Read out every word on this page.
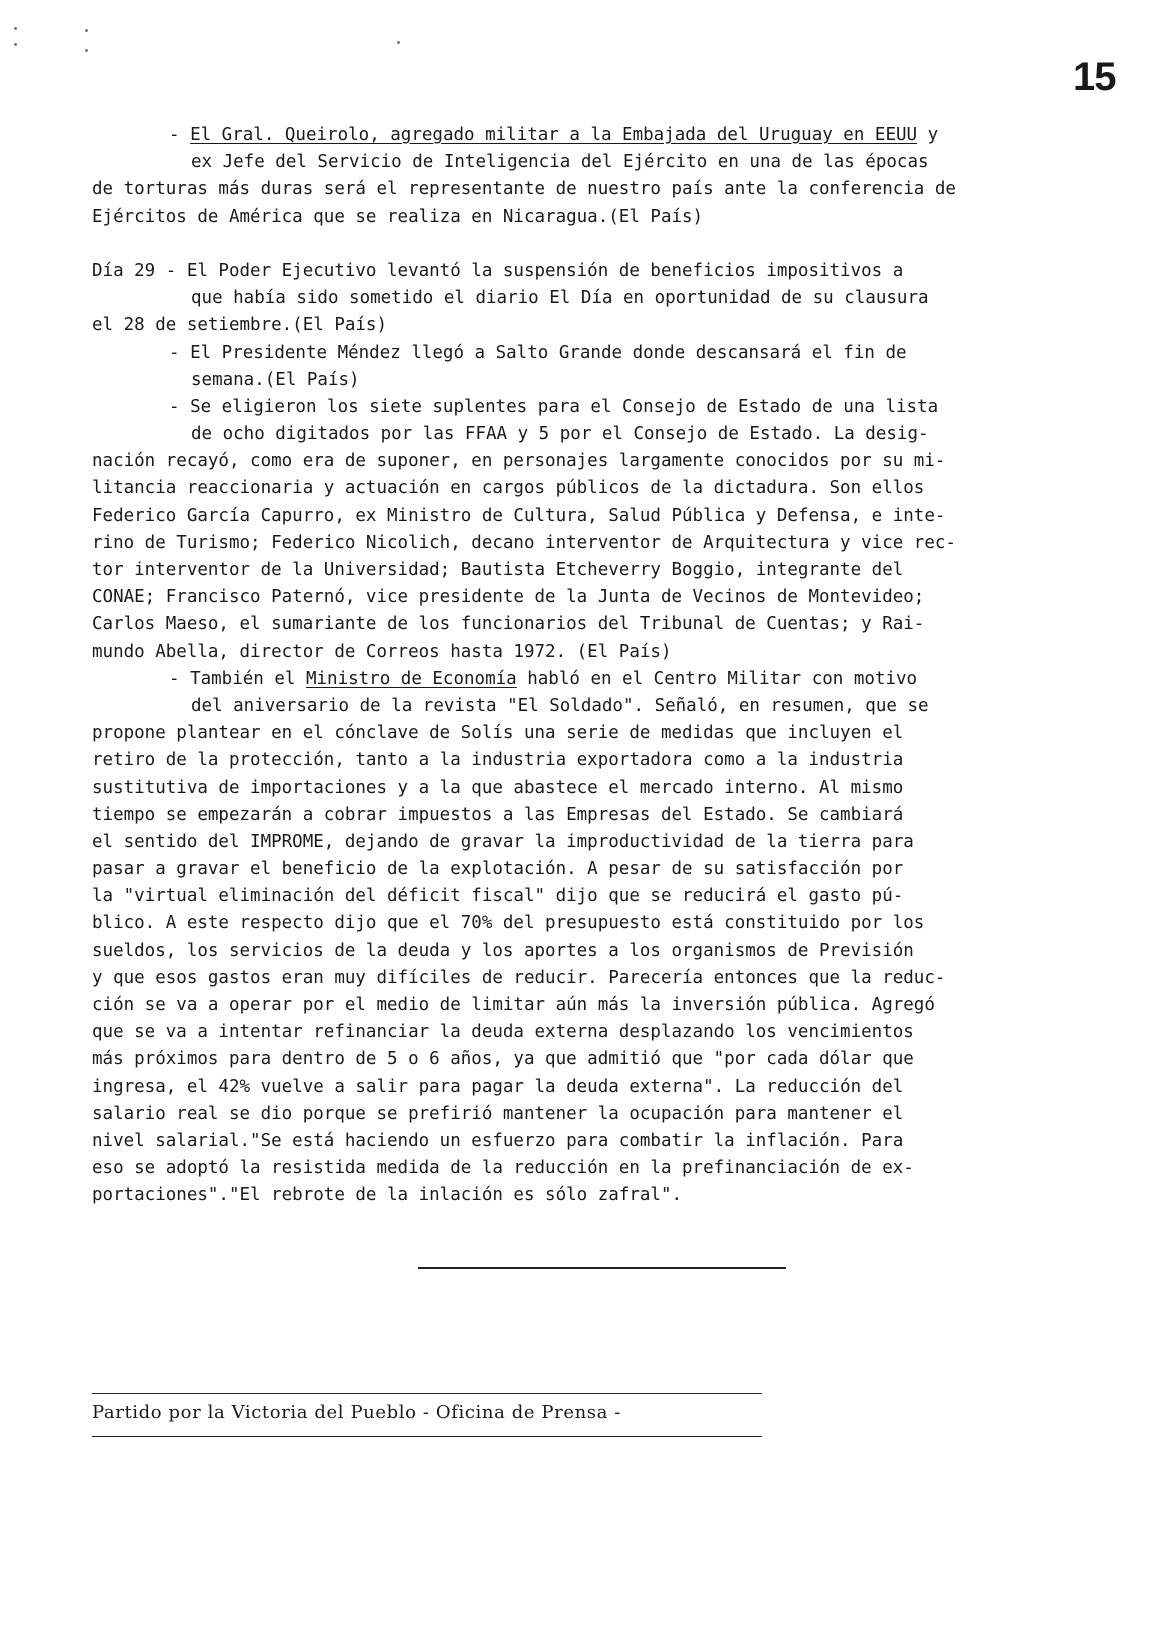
15
- El Gral. Queirolo, agregado militar a la Embajada del Uruguay en EEUU y
ex Jefe del Servicio de Inteligencia del Ejército en una de las épocas
de torturas más duras será el representante de nuestro país ante la conferencia de
Ejércitos de América que se realiza en Nicaragua.(El País)
Día 29 - El Poder Ejecutivo levantó la suspensión de beneficios impositivos a
que había sido sometido el diario El Día en oportunidad de su clausura
el 28 de setiembre.(El País)
- El Presidente Méndez llegó a Salto Grande donde descansará el fin de
semana.(El País)
- Se eligieron los siete suplentes para el Consejo de Estado de una lista
de ocho digitados por las FFAA y 5 por el Consejo de Estado. La desig-
nación recayó, como era de suponer, en personajes largamente conocidos por su mi-
litancia reaccionaria y actuación en cargos públicos de la dictadura. Son ellos
Federico García Capurro, ex Ministro de Cultura, Salud Pública y Defensa, e inte-
rino de Turismo; Federico Nicolich, decano interventor de Arquitectura y vice rec-
tor interventor de la Universidad; Bautista Etcheverry Boggio, integrante del
CONAE; Francisco Paternó, vice presidente de la Junta de Vecinos de Montevideo;
Carlos Maeso, el sumariante de los funcionarios del Tribunal de Cuentas; y Rai-
mundo Abella, director de Correos hasta 1972. (El País)
- También el Ministro de Economía habló en el Centro Militar con motivo
del aniversario de la revista "El Soldado". Señaló, en resumen, que se
propone plantear en el cónclave de Solís una serie de medidas que incluyen el
retiro de la protección, tanto a la industria exportadora como a la industria
sustitutiva de importaciones y a la que abastece el mercado interno. Al mismo
tiempo se empezarán a cobrar impuestos a las Empresas del Estado. Se cambiará
el sentido del IMPROME, dejando de gravar la improductividad de la tierra para
pasar a gravar el beneficio de la explotación. A pesar de su satisfacción por
la "virtual eliminación del déficit fiscal" dijo que se reducirá el gasto pú-
blico. A este respecto dijo que el 70% del presupuesto está constituido por los
sueldos, los servicios de la deuda y los aportes a los organismos de Previsión
y que esos gastos eran muy difíciles de reducir. Parecería entonces que la reduc-
ción se va a operar por el medio de limitar aún más la inversión pública. Agregó
que se va a intentar refinanciar la deuda externa desplazando los vencimientos
más próximos para dentro de 5 o 6 años, ya que admitió que "por cada dólar que
ingresa, el 42% vuelve a salir para pagar la deuda externa". La reducción del
salario real se dio porque se prefirió mantener la ocupación para mantener el
nivel salarial."Se está haciendo un esfuerzo para combatir la inflación. Para
eso se adoptó la resistida medida de la reducción en la prefinanciación de ex-
portaciones"."El rebrote de la inlación es sólo zafral".
Partido por la Victoria del Pueblo - Oficina de Prensa -
